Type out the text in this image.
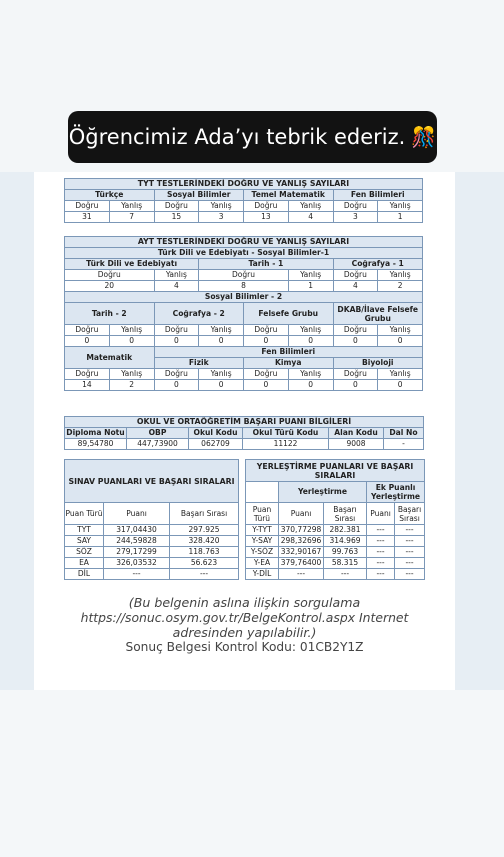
Öğrencimiz Ada’yı tebrik ederiz. 🎊
TYT TESTLERİNDEKİ DOĞRU VE YANLIŞ SAYILARI							
Türkçe		Sosyal Bilimler		Temel Matematik		Fen Bilimleri	
Doğru	Yanlış	Doğru	Yanlış	Doğru	Yanlış	Doğru	Yanlış
31	7	15	3	13	4	3	1
AYT TESTLERİNDEKİ DOĞRU VE YANLIŞ SAYILARI							
Türk Dili ve Edebiyatı - Sosyal Bilimler-1							
Türk Dili ve Edebiyatı			Tarih - 1			Coğrafya - 1	
Doğru		Yanlış	Doğru		Yanlış	Doğru	Yanlış
20		4	8		1	4	2
Sosyal Bilimler - 2							
Tarih - 2		Coğrafya - 2		Felsefe Grubu		DKAB/İlave Felsefe Grubu	
Doğru	Yanlış	Doğru	Yanlış	Doğru	Yanlış	Doğru	Yanlış
0	0	0	0	0	0	0	0
Matematik		Fen Bilimleri					
		Fizik		Kimya		Biyoloji	
Doğru	Yanlış	Doğru	Yanlış	Doğru	Yanlış	Doğru	Yanlış
14	2	0	0	0	0	0	0
OKUL VE ORTAÖĞRETİM BAŞARI PUANI BİLGİLERİ					
Diploma Notu	OBP	Okul Kodu	Okul Türü Kodu	Alan Kodu	Dal No
89,54780	447,73900	062709	11122	9008	-
SINAV PUANLARI VE BAŞARI SIRALARI		
Puan Türü	Puanı	Başarı Sırası
TYT	317,04430	297.925
SAY	244,59828	328.420
SÖZ	279,17299	118.763
EA	326,03532	56.623
DİL	---	---
YERLEŞTİRME PUANLARI VE BAŞARI SIRALARI				
	Yerleştirme		Ek Puanlı Yerleştirme	
Puan Türü	Puanı	Başarı Sırası	Puanı	Başarı Sırası
Y-TYT	370,77298	282.381	---	---
Y-SAY	298,32696	314.969	---	---
Y-SÖZ	332,90167	99.763	---	---
Y-EA	379,76400	58.315	---	---
Y-DİL	---	---	---	---
(Bu belgenin aslına ilişkin sorgulama
https://sonuc.osym.gov.tr/BelgeKontrol.aspx Internet
adresinden yapılabilir.)
Sonuç Belgesi Kontrol Kodu: 01CB2Y1Z
